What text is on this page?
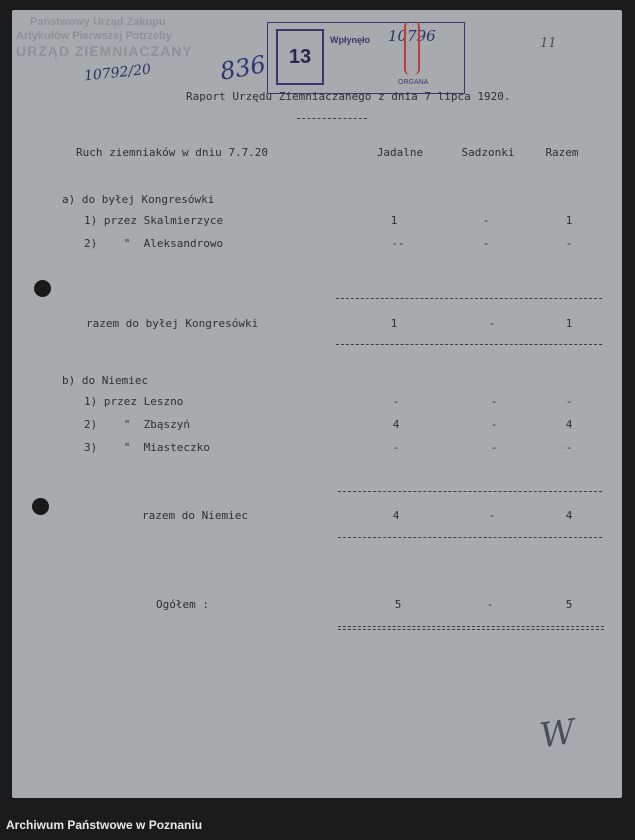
Państwowy Urząd Zakupu
Artykułów Pierwszej Potrzeby
URZĄD ZIEMNIACZANY
10792/20
13
Wpłynęło 10796
ORGANA
836
11
Raport Urzędu Ziemniaczanego z dnia 7 lipca 1920.
Ruch ziemniaków w dniu 7.7.20	Jadalne	Sadzonki	Razem
a) do byłej Kongresówki
1) przez Skalmierzyce	1	-	1
2)    "  Aleksandrowo	--	-	-
razem do byłej Kongresówki	1	-	1
b) do Niemiec
1) przez Leszno	-	-	-
2)    "  Zbąszyń	4	-	4
3)    "  Miasteczko	-	-	-
razem do Niemiec	4	-	4
Ogółem :	5	-	5
W
Archiwum Państwowe w Poznaniu
